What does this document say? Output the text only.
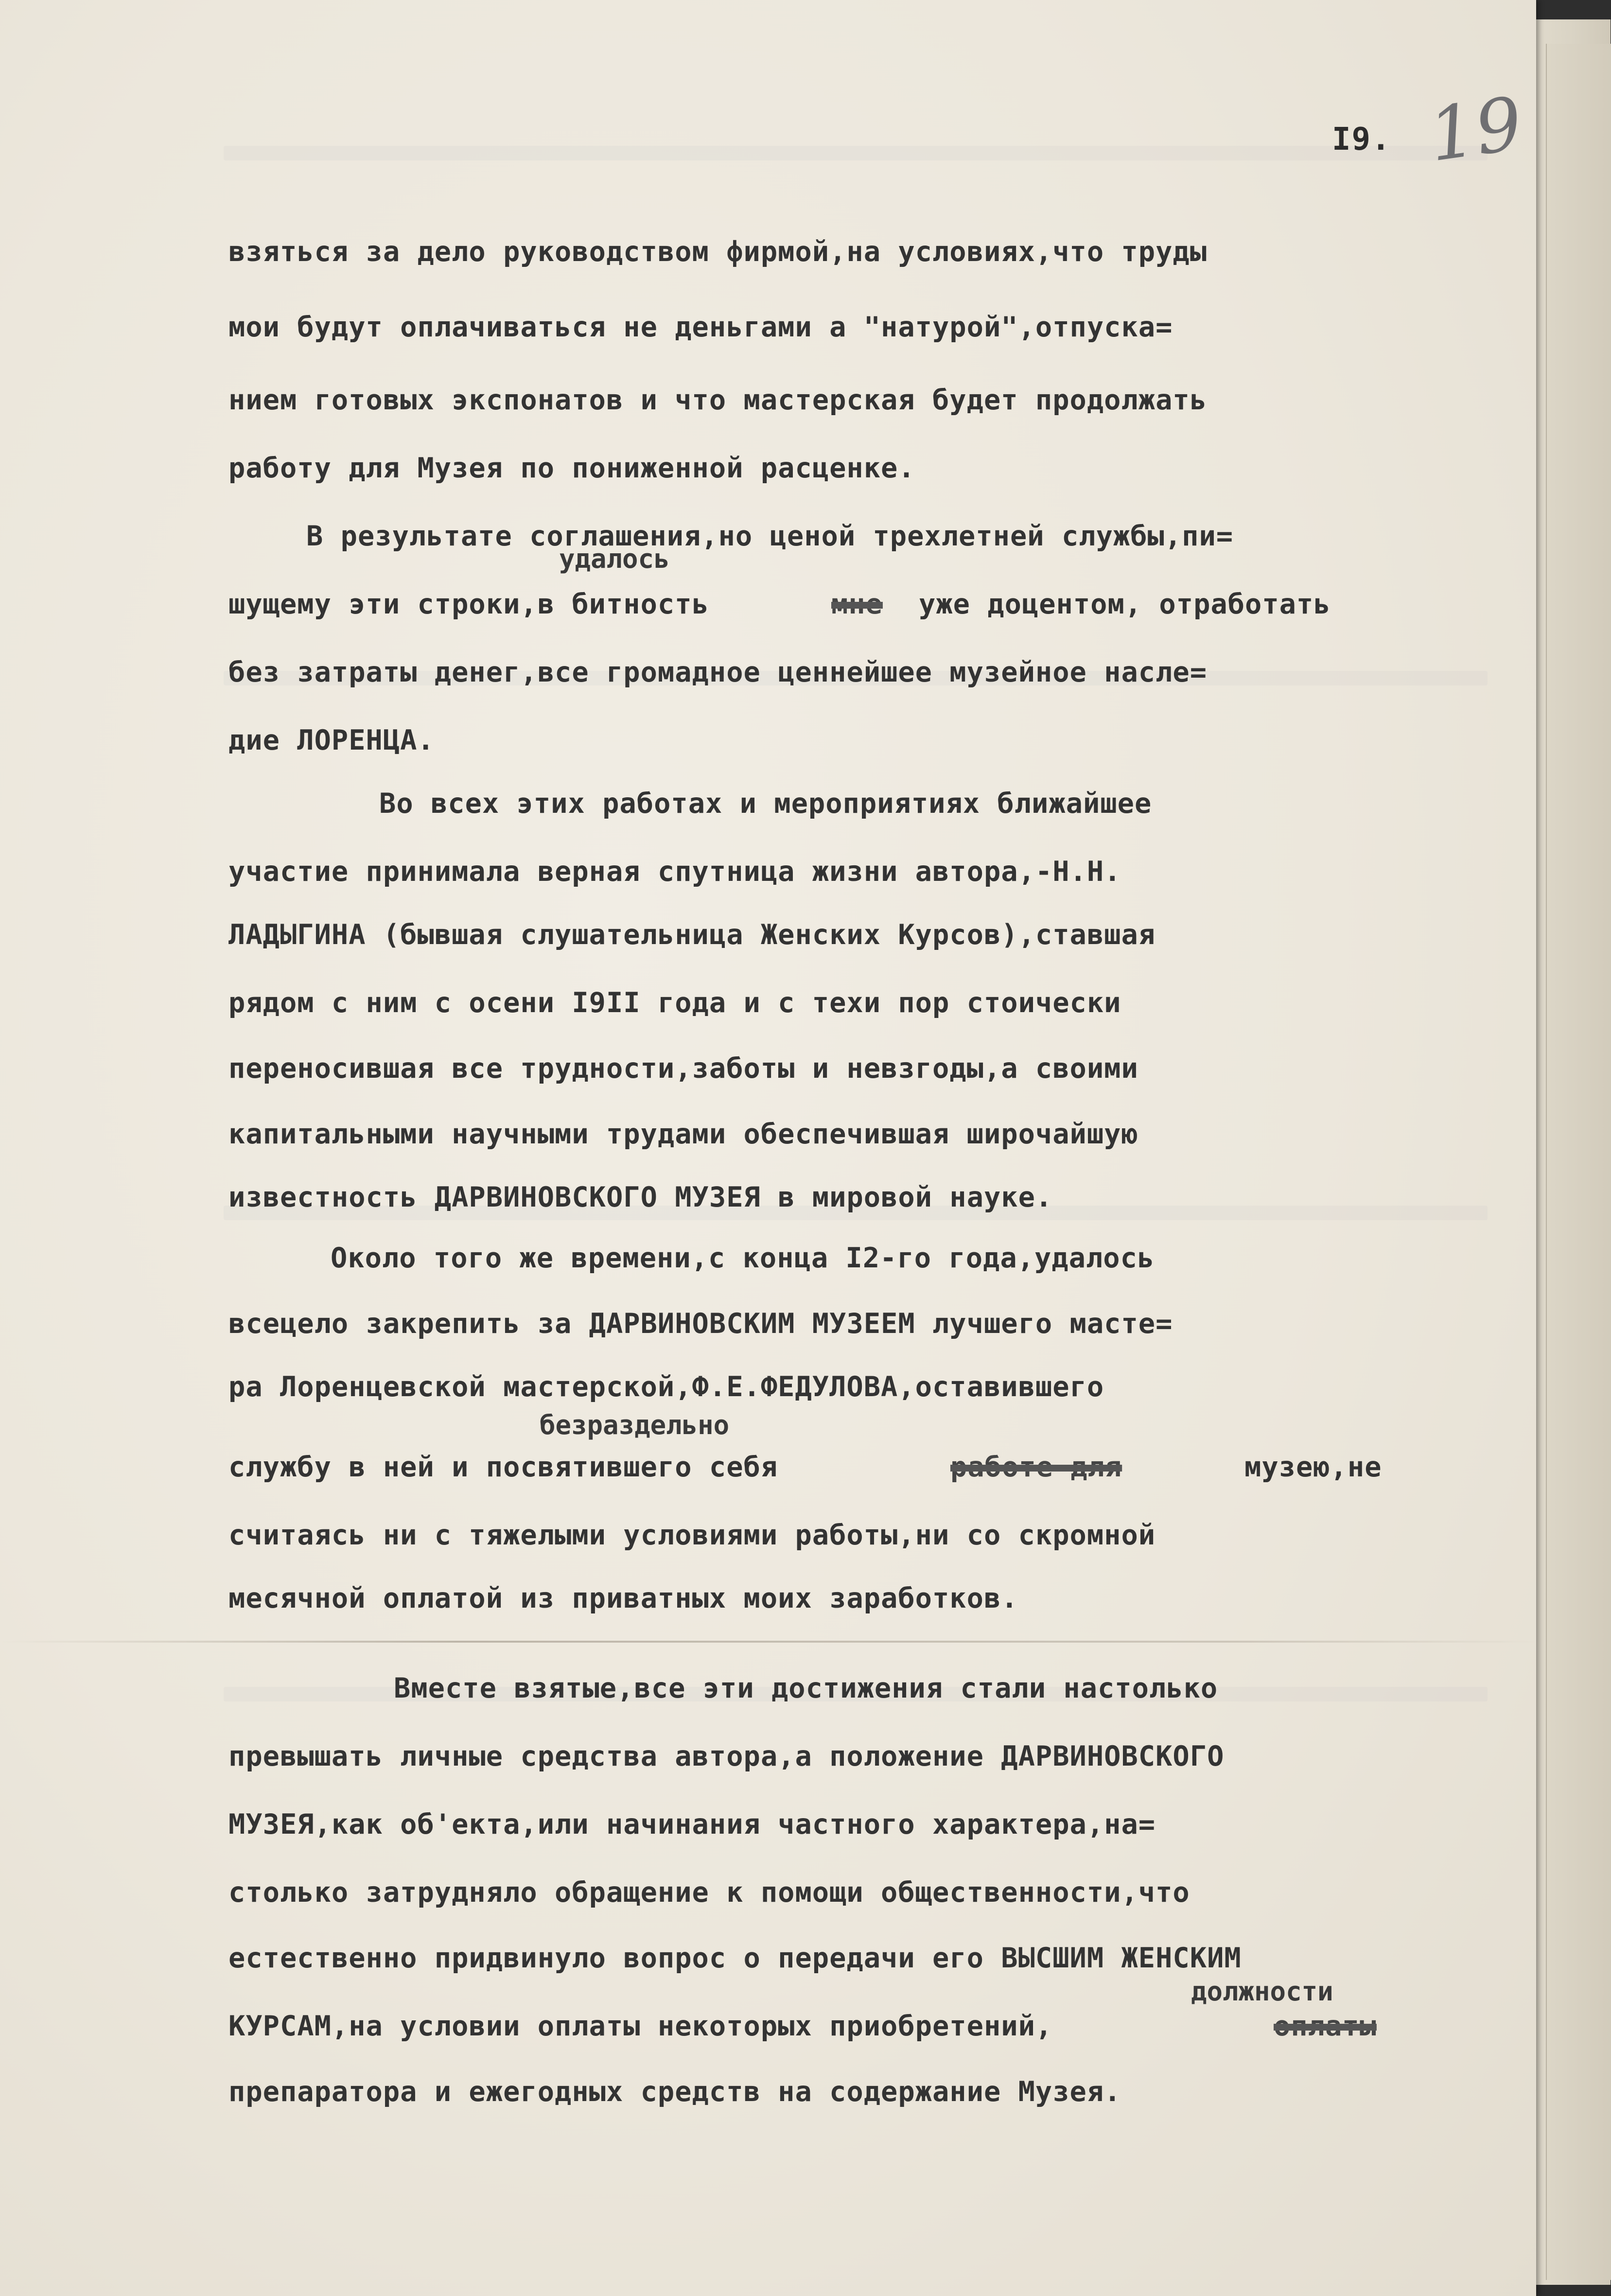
I9. 19
взяться за дело руководством фирмой,на условиях,что труды
мои будут оплачиваться не деньгами а "натурой",отпуска=
нием готовых экспонатов и что мастерская будет продолжать
работу для Музея по пониженной расценке.
В результате соглашения,но ценой трехлетней службы,пи=
удалось
шущему эти строки,в битность	мне уже доцентом, отработать
без затраты денег,все громадное ценнейшее музейное насле=
дие ЛОРЕНЦА.
Во всех этих работах и мероприятиях ближайшее
участие принимала верная спутница жизни автора,-Н.Н.
ЛАДЫГИНА (бывшая слушательница Женских Курсов),ставшая
рядом с ним с осени I9II года и с техи пор стоически
переносившая все трудности,заботы и невзгоды,а своими
капитальными научными трудами обеспечившая широчайшую
известность ДАРВИНОВСКОГО МУЗЕЯ в мировой науке.
Около того же времени,с конца I2-го года,удалось
всецело закрепить за ДАРВИНОВСКИМ МУЗЕЕМ лучшего масте=
ра Лоренцевской мастерской,Ф.Е.ФЕДУЛОВА,оставившего
безраздельно
службу в ней и посвятившего себя	работе для	музею,не
считаясь ни с тяжелыми условиями работы,ни со скромной
месячной оплатой из приватных моих заработков.
Вместе взятые,все эти достижения стали настолько
превышать личные средства автора,а положение ДАРВИНОВСКОГО
МУЗЕЯ,как об'екта,или начинания частного характера,на=
столько затрудняло обращение к помощи общественности,что
естественно придвинуло вопрос о передачи его ВЫСШИМ ЖЕНСКИМ
должности
КУРСАМ,на условии оплаты некоторых приобретений,	оплаты
препаратора и ежегодных средств на содержание Музея.
